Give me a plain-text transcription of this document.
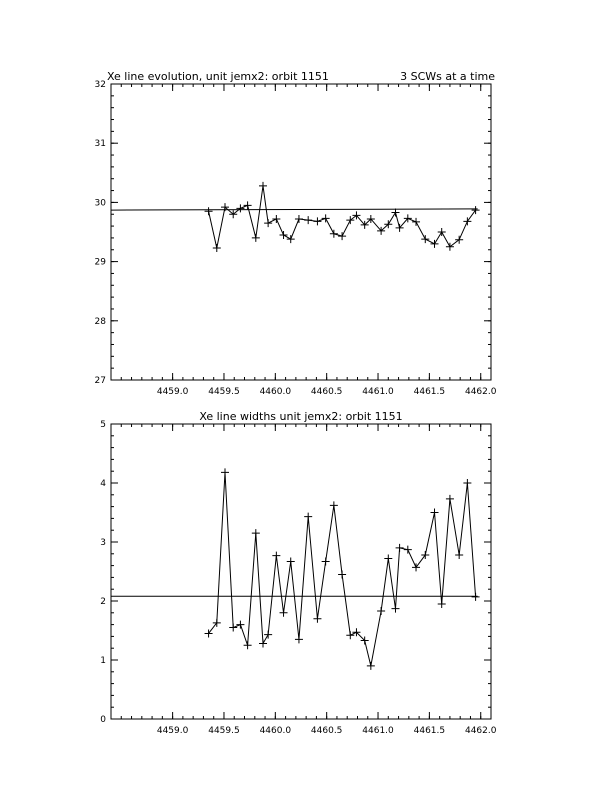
Xe line evolution, unit jemx2: orbit 1151	3 SCWs at a time
4459.0 4459.5 4460.0 4460.5 4461.0 4461.5 4462.0
27
28
29
30
31
32
Xe line widths unit jemx2: orbit 1151
4459.0 4459.5 4460.0 4460.5 4461.0 4461.5 4462.0
0
1
2
3
4
5
